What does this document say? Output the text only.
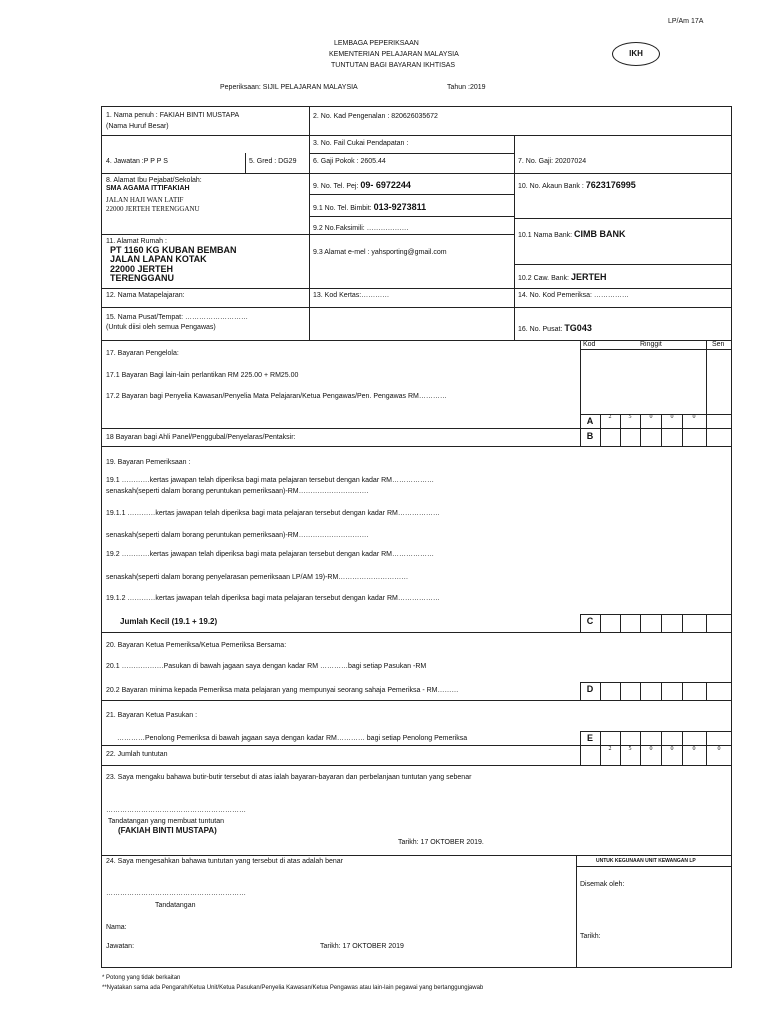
LP/Am 17A
IKH
LEMBAGA PEPERIKSAAN
KEMENTERIAN PELAJARAN MALAYSIA
TUNTUTAN BAGI BAYARAN IKHTISAS
Peperiksaan: SIJIL PELAJARAN MALAYSIA	Tahun :2019
1. Nama penuh : FAKIAH BINTI MUSTAPA
(Nama Huruf Besar)
2. No. Kad Pengenalan : 820626035672
3. No. Fail Cukai Pendapatan :
4. Jawatan :P P P S	5. Gred : DG29 6. Gaji Pokok : 2605.44	7. No. Gaji: 20207024
8. Alamat Ibu Pejabat/Sekolah:
SMA AGAMA ITTIFAKIAH
JALAN HAJI WAN LATIF
22000 JERTEH TERENGGANU
9. No. Tel. Pej: 09- 6972244
9.1 No. Tel. Bimbit: 013-9273811
9.2 No.Faksimili: ………………
10. No. Akaun Bank : 7623176995
11. Alamat Rumah :
PT 1160 KG KUBAN BEMBAN
JALAN LAPAN KOTAK
22000 JERTEH
TERENGGANU
9.3 Alamat e-mel : yahsporting@gmail.com
10.1 Nama Bank: CIMB BANK
10.2 Caw. Bank: JERTEH
12. Nama Matapelajaran:	13. Kod Kertas:…………	14. No. Kod Pemeriksa: ……………
15. Nama Pusat/Tempat: ………………………
(Untuk diisi oleh semua Pengawas)	16. No. Pusat: TG043
Kod	Ringgit	Sen
17. Bayaran Pengelola:
17.1 Bayaran Bagi lain-lain perlantikan RM 225.00 + RM25.00
17.2 Bayaran bagi Penyelia Kawasan/Penyelia Mata Pelajaran/Ketua Pengawas/Pen. Pengawas RM…………
A	2	5	0	0	0
18 Bayaran bagi Ahli Panel/Penggubal/Penyelaras/Pentaksir:	B
19. Bayaran Pemeriksaan :
19.1 …………kertas jawapan telah diperiksa bagi mata pelajaran tersebut dengan kadar RM………………
senaskah(seperti dalam borang peruntukan pemeriksaan)-RM…………………………
19.1.1 …………kertas jawapan telah diperiksa bagi mata pelajaran tersebut dengan kadar RM………………
senaskah(seperti dalam borang peruntukan pemeriksaan)-RM…………………………
19.2 …………kertas jawapan telah diperiksa bagi mata pelajaran tersebut dengan kadar RM………………
senaskah(seperti dalam borang penyelarasan pemeriksaan LP/AM 19)-RM…………………………
19.1.2 …………kertas jawapan telah diperiksa bagi mata pelajaran tersebut dengan kadar RM………………
Jumlah Kecil (19.1 + 19.2)	C
20. Bayaran Ketua Pemeriksa/Ketua Pemeriksa Bersama:
20.1 ………………Pasukan di bawah jagaan saya dengan kadar RM …………bagi setiap Pasukan -RM
20.2 Bayaran minima kepada Pemeriksa mata pelajaran yang mempunyai seorang sahaja Pemeriksa - RM………	D
21. Bayaran Ketua Pasukan :
…………Penolong Pemeriksa di bawah jagaan saya dengan kadar RM………… bagi setiap Penolong Pemeriksa	E
22. Jumlah tuntutan
2	5	0	0	0	0
23. Saya mengaku bahawa butir-butir tersebut di atas ialah bayaran-bayaran dan perbelanjaan tuntutan yang sebenar
……………………………………………………
Tandatangan yang membuat tuntutan
(FAKIAH BINTI MUSTAPA)
Tarikh: 17 OKTOBER 2019.
24. Saya mengesahkan bahawa tuntutan yang tersebut di atas adalah benar
……………………………………………………
Tandatangan
Nama:
Jawatan:	Tarikh: 17 OKTOBER 2019
UNTUK KEGUNAAN UNIT KEWANGAN LP
Disemak oleh:
Tarikh:
* Potong yang tidak berkaitan
**Nyatakan sama ada Pengarah/Ketua Unit/Ketua Pasukan/Penyelia Kawasan/Ketua Pengawas atau lain-lain pegawai yang bertanggungjawab
